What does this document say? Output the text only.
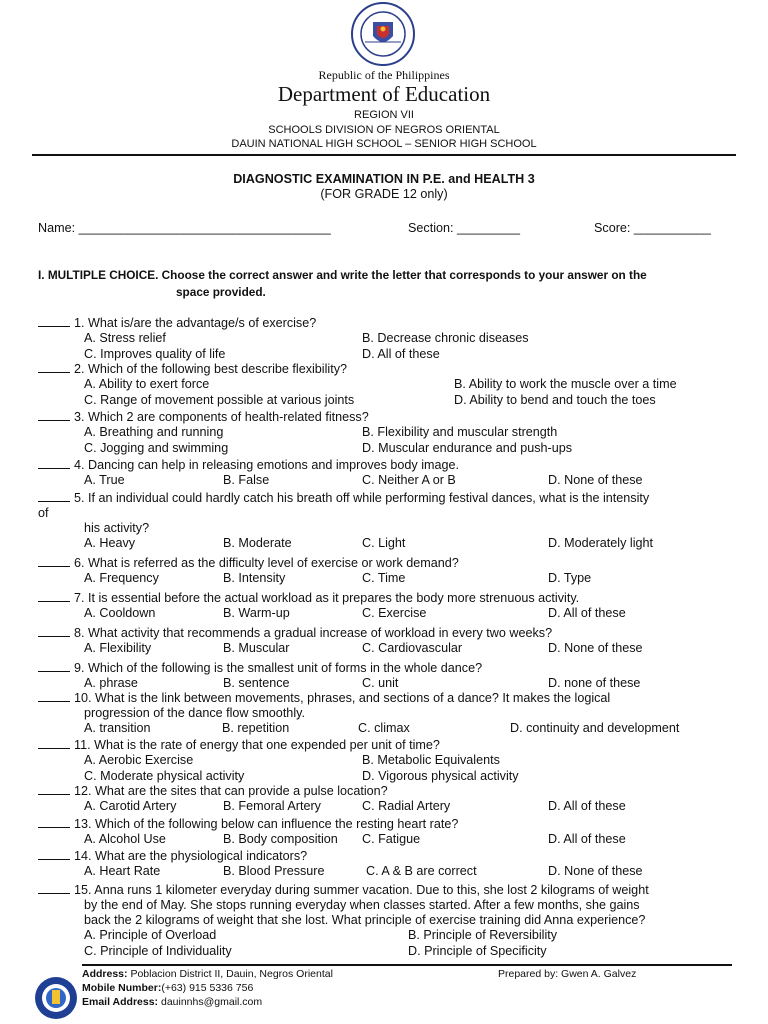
Republic of the Philippines
Department of Education
REGION VII
SCHOOLS DIVISION OF NEGROS ORIENTAL
DAUIN NATIONAL HIGH SCHOOL – SENIOR HIGH SCHOOL
DIAGNOSTIC EXAMINATION IN P.E. and HEALTH 3
(FOR GRADE 12 only)
Name: ____________________________________	Section: _________	Score: ___________
I. MULTIPLE CHOICE. Choose the correct answer and write the letter that corresponds to your answer on the
space provided.
1. What is/are the advantage/s of exercise?
A. Stress relief	B. Decrease chronic diseases
C. Improves quality of life	D. All of these
2. Which of the following best describe flexibility?
A. Ability to exert force	B. Ability to work the muscle over a time
C. Range of movement possible at various joints	D. Ability to bend and touch the toes
3. Which 2 are components of health-related fitness?
A. Breathing and running	B. Flexibility and muscular strength
C. Jogging and swimming	D. Muscular endurance and push-ups
4. Dancing can help in releasing emotions and improves body image.
A. True	B. False	C. Neither A or B	D. None of these
5. If an individual could hardly catch his breath off while performing festival dances, what is the intensity
of
his activity?
A. Heavy	B. Moderate	C. Light	D. Moderately light
6. What is referred as the difficulty level of exercise or work demand?
A. Frequency	B. Intensity	C. Time	D. Type
7. It is essential before the actual workload as it prepares the body more strenuous activity.
A. Cooldown	B. Warm-up	C. Exercise	D. All of these
8. What activity that recommends a gradual increase of workload in every two weeks?
A. Flexibility	B. Muscular	C. Cardiovascular	D. None of these
9. Which of the following is the smallest unit of forms in the whole dance?
A. phrase	B. sentence	C. unit	D. none of these
10. What is the link between movements, phrases, and sections of a dance? It makes the logical
progression of the dance flow smoothly.
A. transition	B. repetition	C. climax	D. continuity and development
11. What is the rate of energy that one expended per unit of time?
A. Aerobic Exercise	B. Metabolic Equivalents
C. Moderate physical activity	D. Vigorous physical activity
12. What are the sites that can provide a pulse location?
A. Carotid Artery	B. Femoral Artery	C. Radial Artery	D. All of these
13. Which of the following below can influence the resting heart rate?
A. Alcohol Use	B. Body composition C. Fatigue	D. All of these
14. What are the physiological indicators?
A. Heart Rate	B. Blood Pressure	C. A & B are correct	D. None of these
15. Anna runs 1 kilometer everyday during summer vacation. Due to this, she lost 2 kilograms of weight
by the end of May. She stops running everyday when classes started. After a few months, she gains
back the 2 kilograms of weight that she lost. What principle of exercise training did Anna experience?
A. Principle of Overload	B. Principle of Reversibility
C. Principle of Individuality	D. Principle of Specificity
Address: Poblacion District II, Dauin, Negros Oriental
Mobile Number:(+63) 915 5336 756
Email Address: dauinnhs@gmail.com
Prepared by: Gwen A. Galvez
